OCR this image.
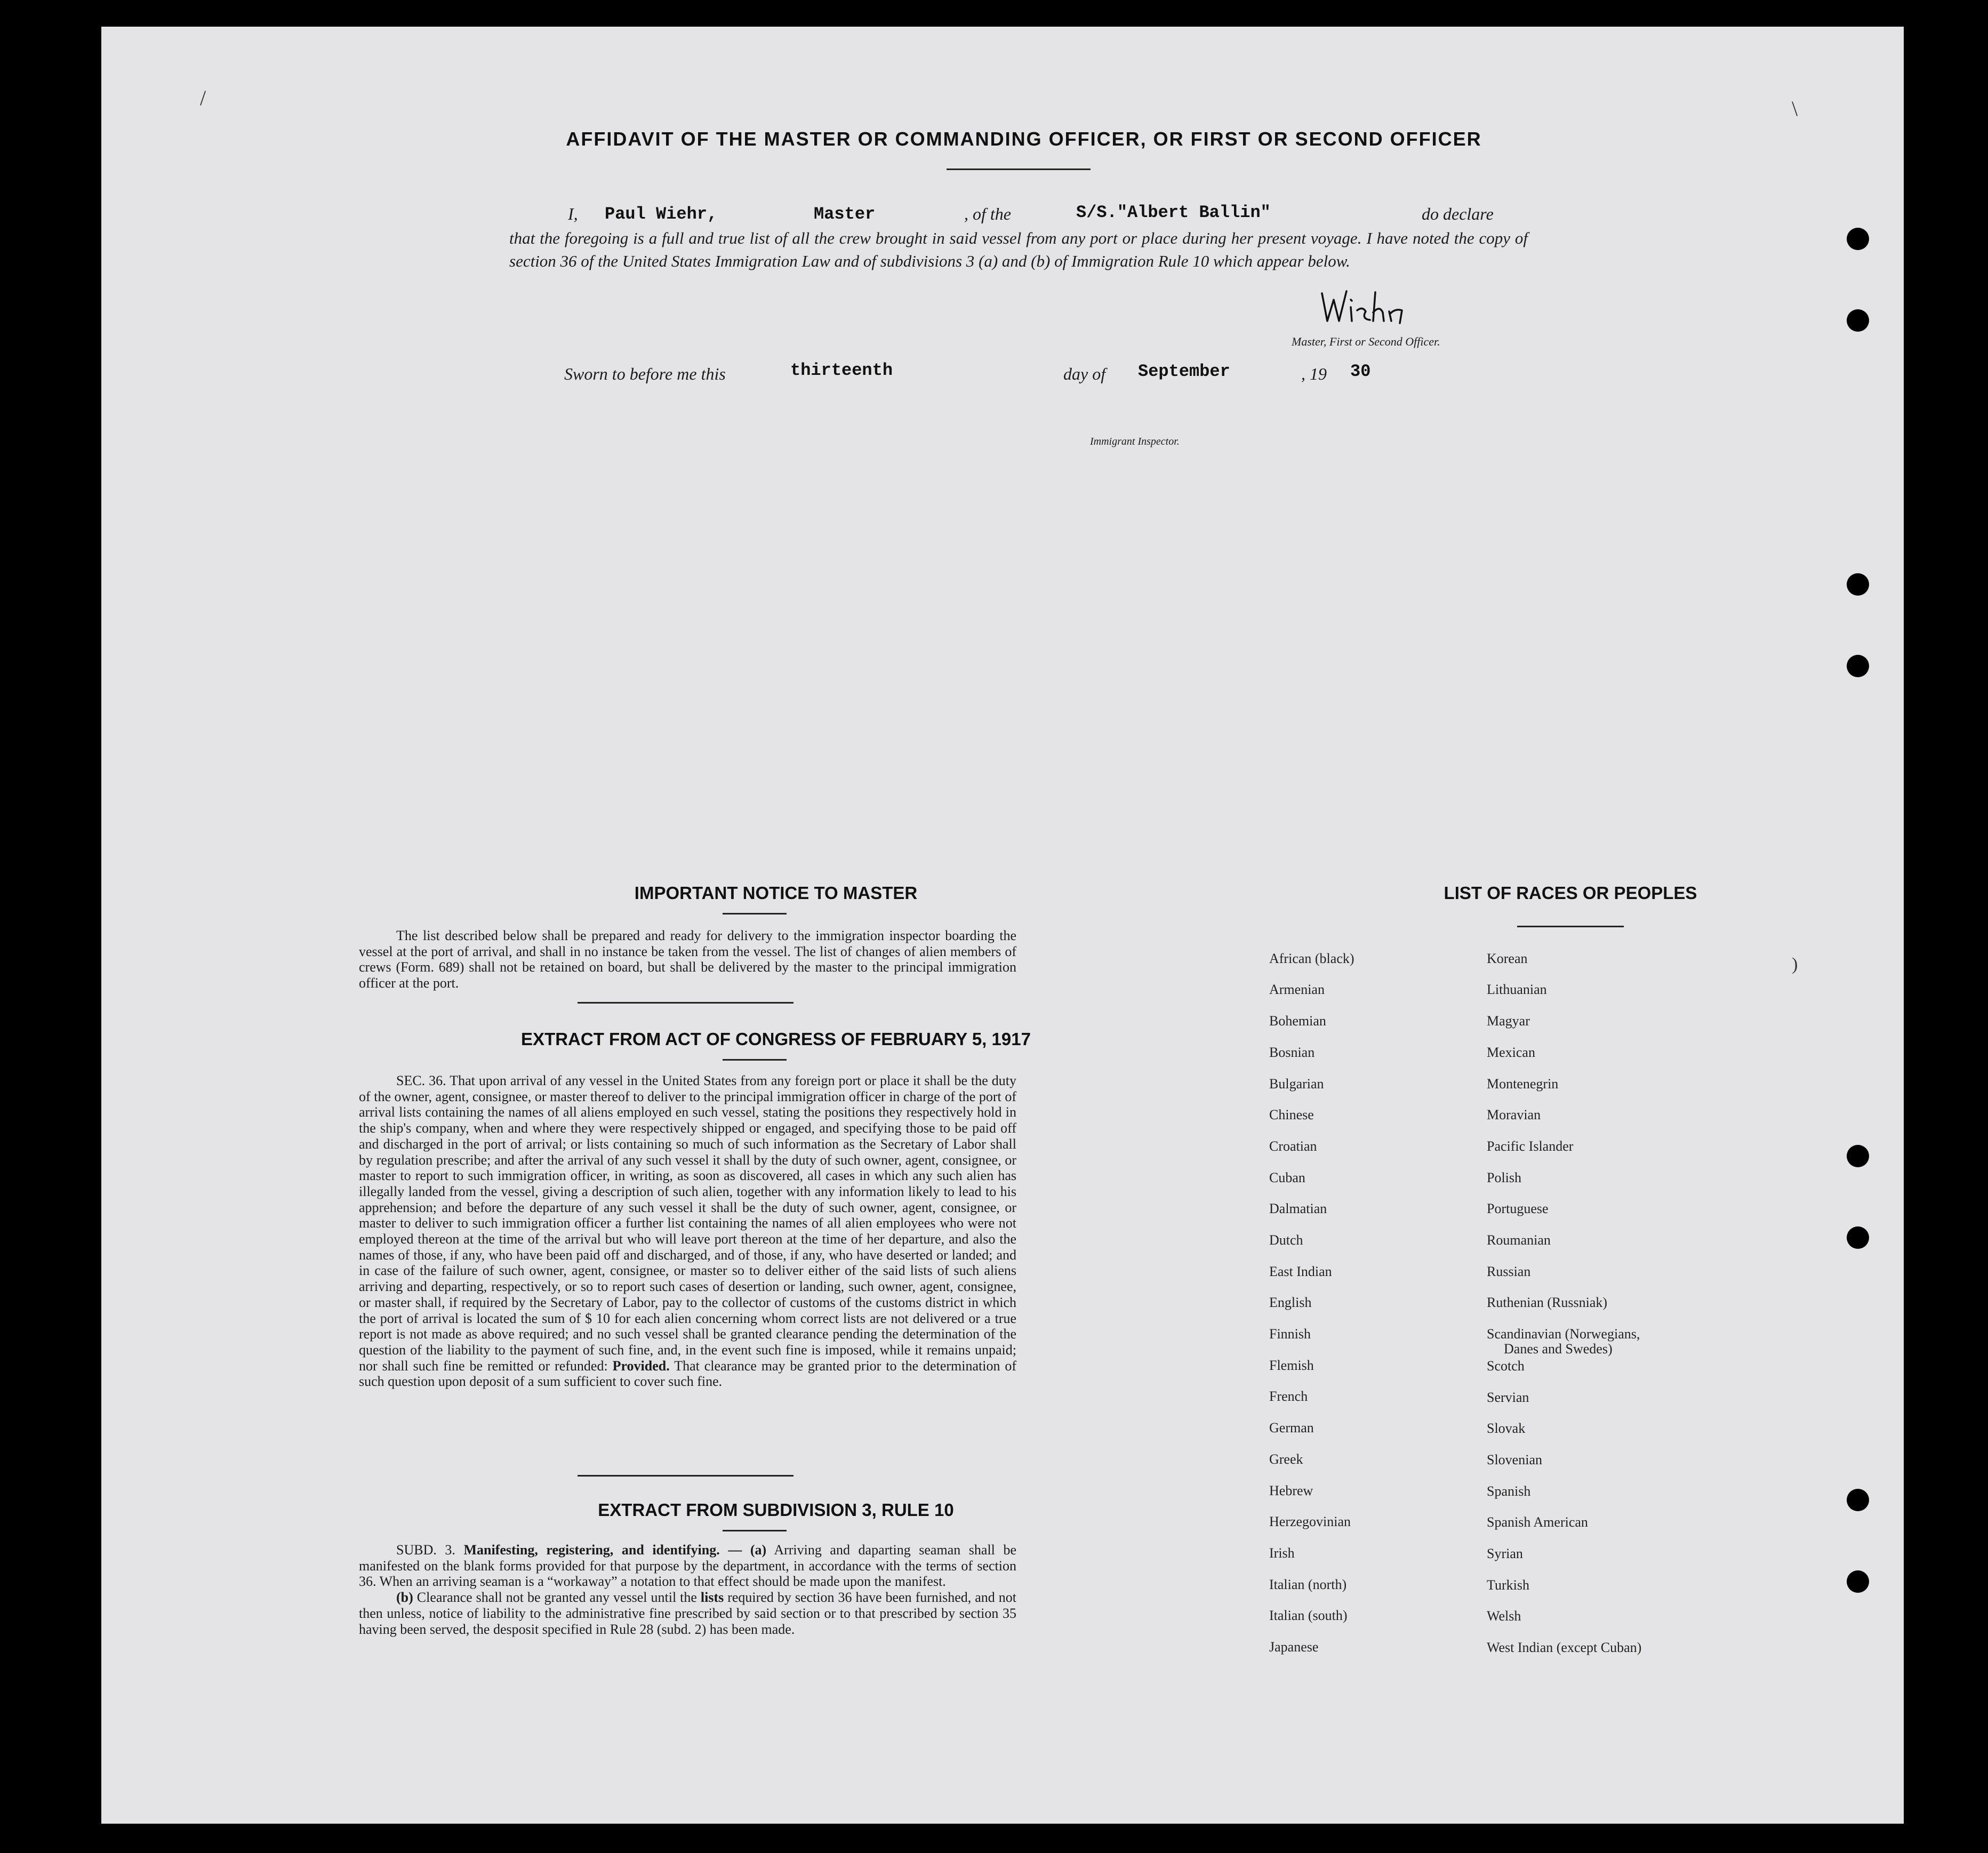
AFFIDAVIT OF THE MASTER OR COMMANDING OFFICER, OR FIRST OR SECOND OFFICER
I, Paul Wiehr,	Master	, of the	S/S."Albert Ballin"	do declare
that the foregoing is a full and true list of all the crew brought in said vessel from any port or place during her present voyage. I have noted the copy of section 36 of the United States Immigration Law and of subdivisions 3 (a) and (b) of Immigration Rule 10 which appear below.
Master, First or Second Officer.
Sworn to before me this	thirteenth	day of September	, 19 30
Immigrant Inspector.
IMPORTANT NOTICE TO MASTER

The list described below shall be prepared and ready for delivery to the immigration inspector boarding the vessel at the port of arrival, and shall in no instance be taken from the vessel. The list of changes of alien members of crews (Form. 689) shall not be retained on board, but shall be delivered by the master to the principal immigration officer at the port.

EXTRACT FROM ACT OF CONGRESS OF FEBRUARY 5, 1917

SEC. 36. That upon arrival of any vessel in the United States from any foreign port or place it shall be the duty of the owner, agent, consignee, or master thereof to deliver to the principal immigration officer in charge of the port of arrival lists containing the names of all aliens employed en such vessel, stating the positions they respectively hold in the ship's company, when and where they were respectively shipped or engaged, and specifying those to be paid off and discharged in the port of arrival; or lists containing so much of such information as the Secretary of Labor shall by regulation prescribe; and after the arrival of any such vessel it shall by the duty of such owner, agent, consignee, or master to report to such immigration officer, in writing, as soon as discovered, all cases in which any such alien has illegally landed from the vessel, giving a description of such alien, together with any information likely to lead to his apprehension; and before the departure of any such vessel it shall be the duty of such owner, agent, consignee, or master to deliver to such immigration officer a further list containing the names of all alien employees who were not employed thereon at the time of the arrival but who will leave port thereon at the time of her departure, and also the names of those, if any, who have been paid off and discharged, and of those, if any, who have deserted or landed; and in case of the failure of such owner, agent, consignee, or master so to deliver either of the said lists of such aliens arriving and departing, respectively, or so to report such cases of desertion or landing, such owner, agent, consignee, or master shall, if required by the Secretary of Labor, pay to the collector of customs of the customs district in which the port of arrival is located the sum of $ 10 for each alien concerning whom correct lists are not delivered or a true report is not made as above required; and no such vessel shall be granted clearance pending the determination of the question of the liability to the payment of such fine, and, in the event such fine is imposed, while it remains unpaid; nor shall such fine be remitted or refunded: Provided. That clearance may be granted prior to the determination of such question upon deposit of a sum sufficient to cover such fine.

EXTRACT FROM SUBDIVISION 3, RULE 10

SUBD. 3. Manifesting, registering, and identifying. — (a) Arriving and daparting seaman shall be manifested on the blank forms provided for that purpose by the department, in accordance with the terms of section 36. When an arriving seaman is a “workaway” a notation to that effect should be made upon the manifest.

(b) Clearance shall not be granted any vessel until the lists required by section 36 have been furnished, and not then unless, notice of liability to the administrative fine prescribed by said section or to that prescribed by section 35 having been served, the desposit specified in Rule 28 (subd. 2) has been made.

LIST OF RACES OR PEOPLES
African (black)
Armenian
Bohemian
Bosnian
Bulgarian
Chinese
Croatian
Cuban
Dalmatian
Dutch
East Indian
English
Finnish
Flemish
French
German
Greek
Hebrew
Herzegovinian
Irish
Italian (north)
Italian (south)
Japanese
Korean
Lithuanian
Magyar
Mexican
Montenegrin
Moravian
Pacific Islander
Polish
Portuguese
Roumanian
Russian
Ruthenian (Russniak)
Scandinavian (Norwegians,
Danes and Swedes)
Scotch
Servian
Slovak
Slovenian
Spanish
Spanish American
Syrian
Turkish
Welsh
West Indian (except Cuban)
/	\
)
